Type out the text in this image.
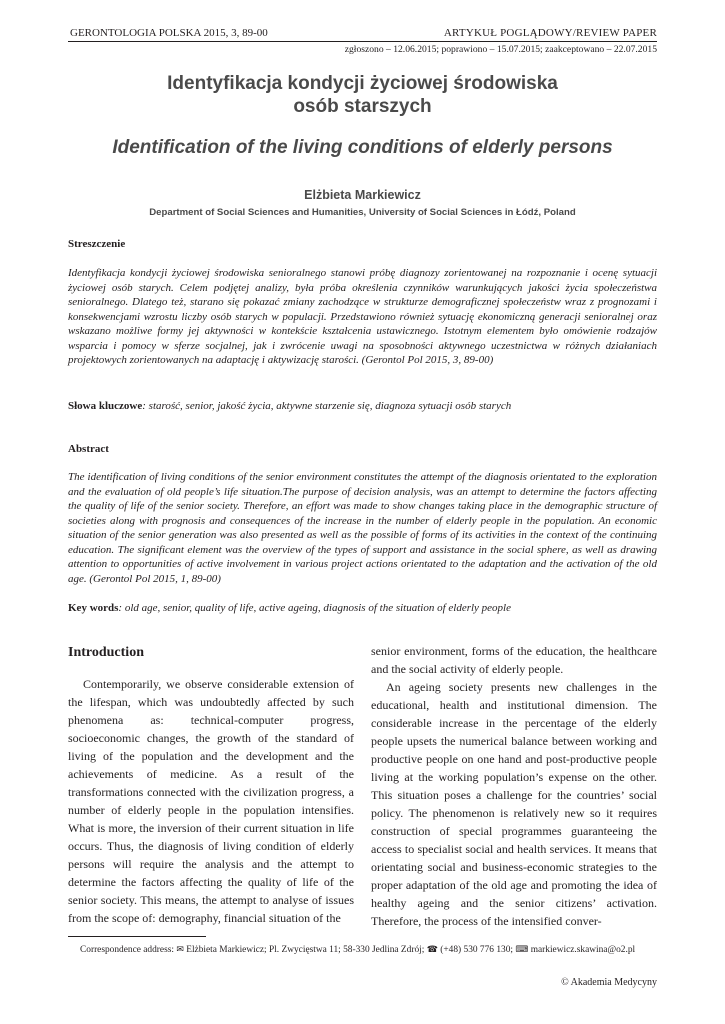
GERONTOLOGIA POLSKA 2015, 3, 89-00	ARTYKUŁ POGLĄDOWY/REVIEW PAPER
zgłoszono – 12.06.2015; poprawiono – 15.07.2015; zaakceptowano – 22.07.2015
Identyfikacja kondycji życiowej środowiska
osób starszych
Identification of the living conditions of elderly persons
Elżbieta Markiewicz
Department of Social Sciences and Humanities, University of Social Sciences in Łódź, Poland
Streszczenie
Identyfikacja kondycji życiowej środowiska senioralnego stanowi próbę diagnozy zorientowanej na rozpoznanie i ocenę sytuacji życiowej osób starych. Celem podjętej analizy, była próba określenia czynników warunkujących jakości życia społeczeństwa senioralnego. Dlatego też, starano się pokazać zmiany zachodzące w strukturze demograficznej społeczeństw wraz z prognozami i konsekwencjami wzrostu liczby osób starych w populacji. Przedstawiono również sytuację ekonomiczną generacji senioralnej oraz wskazano możliwe formy jej aktywności w kontekście kształcenia ustawicznego. Istotnym elementem było omówienie rodzajów wsparcia i pomocy w sferze socjalnej, jak i zwrócenie uwagi na sposobności aktywnego uczestnictwa w różnych działaniach projektowych zorientowanych na adaptację i aktywizację starości. (Gerontol Pol 2015, 3, 89-00)
Słowa kluczowe: starość, senior, jakość życia, aktywne starzenie się, diagnoza sytuacji osób starych
Abstract
The identification of living conditions of the senior environment constitutes the attempt of the diagnosis orientated to the exploration and the evaluation of old people’s life situation.The purpose of decision analysis, was an attempt to determine the factors affecting the quality of life of the senior society. Therefore, an effort was made to show changes taking place in the demographic structure of societies along with prognosis and consequences of the increase in the number of elderly people in the population. An economic situation of the senior generation was also presented as well as the possible of forms of its activities in the context of the continuing education. The significant element was the overview of the types of support and assistance in the social sphere, as well as drawing attention to opportunities of active involvement in various project actions orientated to the adaptation and the activation of the old age. (Gerontol Pol 2015, 1, 89-00)
Key words: old age, senior, quality of life, active ageing, diagnosis of the situation of elderly people
Introduction

Contemporarily, we observe considerable extension of the lifespan, which was undoubtedly affected by such phenomena as: technical-computer progress, socioeconomic changes, the growth of the standard of living of the population and the development and the achievements of medicine. As a result of the transformations connected with the civilization progress, a number of elderly people in the population intensifies. What is more, the inversion of their current situation in life occurs. Thus, the diagnosis of living condition of elderly persons will require the analysis and the attempt to determine the factors affecting the quality of life of the senior society. This means, the attempt to analyse of issues from the scope of: demography, financial situation of the

senior environment, forms of the education, the healthcare and the social activity of elderly people.

An ageing society presents new challenges in the educational, health and institutional dimension. The considerable increase in the percentage of the elderly people upsets the numerical balance between working and productive people on one hand and post-productive people living at the working population’s expense on the other. This situation poses a challenge for the countries’ social policy. The phenomenon is relatively new so it requires construction of special programmes guaranteeing the access to specialist social and health services. It means that orientating social and business-economic strategies to the proper adaptation of the old age and promoting the idea of healthy ageing and the senior citizens’ activation. Therefore, the process of the intensified conver-

Correspondence address: ✉ Elżbieta Markiewicz; Pl. Zwycięstwa 11; 58-330 Jedlina Zdrój; ☎ (+48) 530 776 130; ⌨ markiewicz.skawina@o2.pl
© Akademia Medycyny
